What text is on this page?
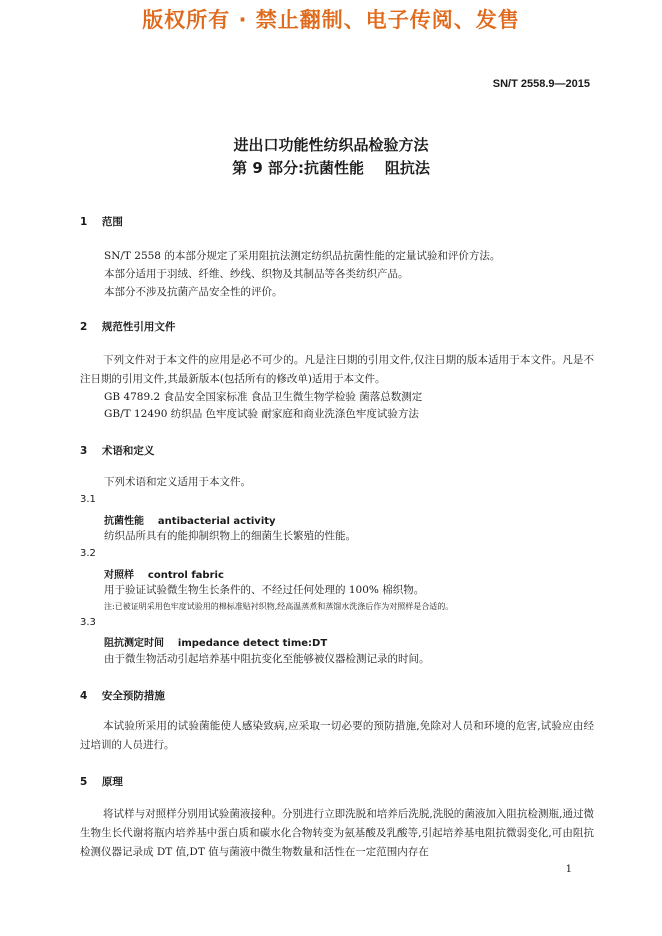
版权所有 · 禁止翻制、电子传阅、发售
SN/T 2558.9—2015
进出口功能性纺织品检验方法
第 9 部分:抗菌性能    阻抗法
1    范围
SN/T 2558 的本部分规定了采用阻抗法测定纺织品抗菌性能的定量试验和评价方法。
本部分适用于羽绒、纤维、纱线、织物及其制品等各类纺织产品。
本部分不涉及抗菌产品安全性的评价。
2    规范性引用文件
下列文件对于本文件的应用是必不可少的。凡是注日期的引用文件,仅注日期的版本适用于本文件。凡是不注日期的引用文件,其最新版本(包括所有的修改单)适用于本文件。
GB 4789.2 食品安全国家标准 食品卫生微生物学检验 菌落总数测定
GB/T 12490 纺织品 色牢度试验 耐家庭和商业洗涤色牢度试验方法
3    术语和定义
下列术语和定义适用于本文件。
3.1
抗菌性能    antibacterial activity
纺织品所具有的能抑制织物上的细菌生长繁殖的性能。
3.2
对照样    control fabric
用于验证试验微生物生长条件的、不经过任何处理的 100% 棉织物。
注:已被证明采用色牢度试验用的棉标准贴衬织物,经高温蒸煮和蒸馏水洗涤后作为对照样是合适的。
3.3
阻抗测定时间    impedance detect time:DT
由于微生物活动引起培养基中阻抗变化至能够被仪器检测记录的时间。
4    安全预防措施
本试验所采用的试验菌能使人感染致病,应采取一切必要的预防措施,免除对人员和环境的危害,试验应由经过培训的人员进行。
5    原理
将试样与对照样分别用试验菌液接种。分别进行立即洗脱和培养后洗脱,洗脱的菌液加入阻抗检测瓶,通过微生物生长代谢将瓶内培养基中蛋白质和碳水化合物转变为氨基酸及乳酸等,引起培养基电阻抗微弱变化,可由阻抗检测仪器记录成 DT 值,DT 值与菌液中微生物数量和活性在一定范围内存在
1
